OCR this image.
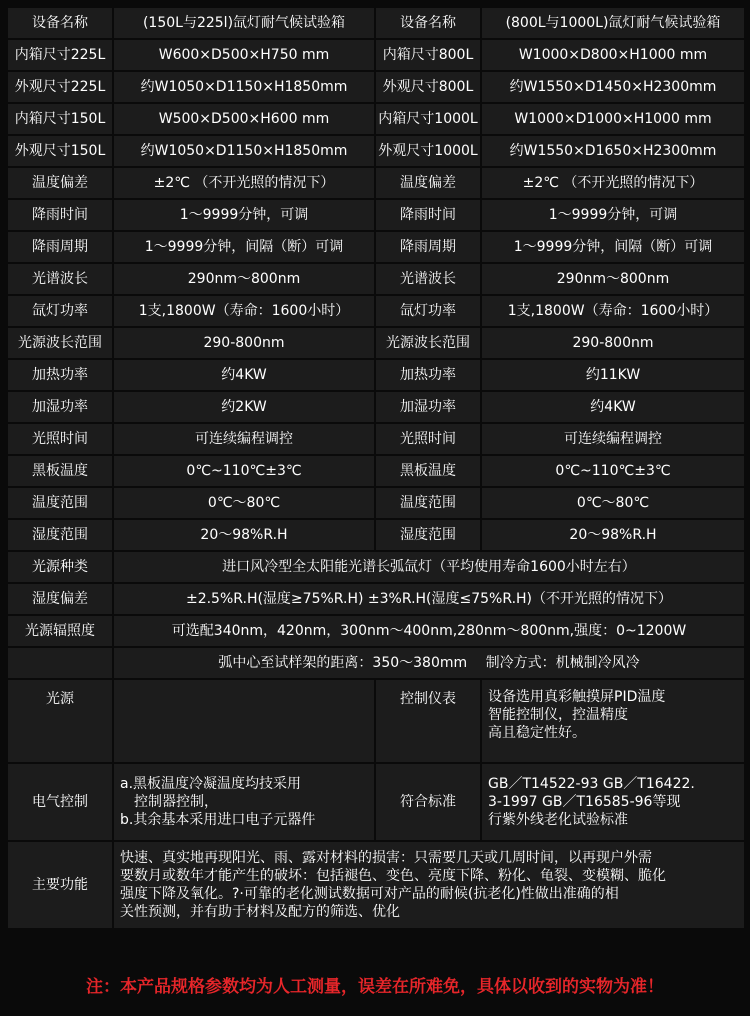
设备名称	(150L与225l)氙灯耐气候试验箱	设备名称	(800L与1000L)氙灯耐气候试验箱
内箱尺寸225L	W600×D500×H750 mm	内箱尺寸800L	W1000×D800×H1000 mm
外观尺寸225L	约W1050×D1150×H1850mm	外观尺寸800L	约W1550×D1450×H2300mm
内箱尺寸150L	W500×D500×H600 mm	内箱尺寸1000L	W1000×D1000×H1000 mm
外观尺寸150L	约W1050×D1150×H1850mm	外观尺寸1000L	约W1550×D1650×H2300mm
温度偏差	±2℃ （不开光照的情况下）	温度偏差	±2℃ （不开光照的情况下）
降雨时间	1～9999分钟，可调	降雨时间	1～9999分钟，可调
降雨周期	1～9999分钟，间隔（断）可调	降雨周期	1～9999分钟，间隔（断）可调
光谱波长	290nm～800nm	光谱波长	290nm～800nm
氙灯功率	1支,1800W（寿命：1600小时）	氙灯功率	1支,1800W（寿命：1600小时）
光源波长范围	290-800nm	光源波长范围	290-800nm
加热功率	约4KW	加热功率	约11KW
加湿功率	约2KW	加湿功率	约4KW
光照时间	可连续编程调控	光照时间	可连续编程调控
黑板温度	0℃~110℃±3℃	黑板温度	0℃~110℃±3℃
温度范围	0℃～80℃	温度范围	0℃～80℃
湿度范围	20～98%R.H	湿度范围	20～98%R.H
光源种类	进口风冷型全太阳能光谱长弧氙灯（平均使用寿命1600小时左右）		
湿度偏差	±2.5%R.H(湿度≥75%R.H) ±3%R.H(湿度≤75%R.H)（不开光照的情况下）		
光源辐照度	可选配340nm，420nm，300nm～400nm,280nm～800nm,强度：0~1200W		
	弧中心至试样架的距离：350～380mm　 制冷方式：机械制冷风冷		
光源		控制仪表	设备选用真彩触摸屏PID温度
智能控制仪，控温精度
高且稳定性好。

电气控制	a.黑板温度冷凝温度均技采用
控制器控制，
b.其余基本采用进口电子元器件	符合标准	GB／T14522-93 GB／T16422.
3-1997 GB／T16585-96等现
行紫外线老化试验标准

主要功能	快速、真实地再现阳光、雨、露对材料的损害：只需要几天或几周时间，以再现户外需
要数月或数年才能产生的破坏：包括褪色、变色、亮度下降、粉化、龟裂、变模糊、脆化
强度下降及氧化。?·可靠的老化测试数据可对产品的耐候(抗老化)性做出准确的相
关性预测，并有助于材料及配方的筛选、优化		
注：本产品规格参数均为人工测量，误差在所难免，具体以收到的实物为准！
